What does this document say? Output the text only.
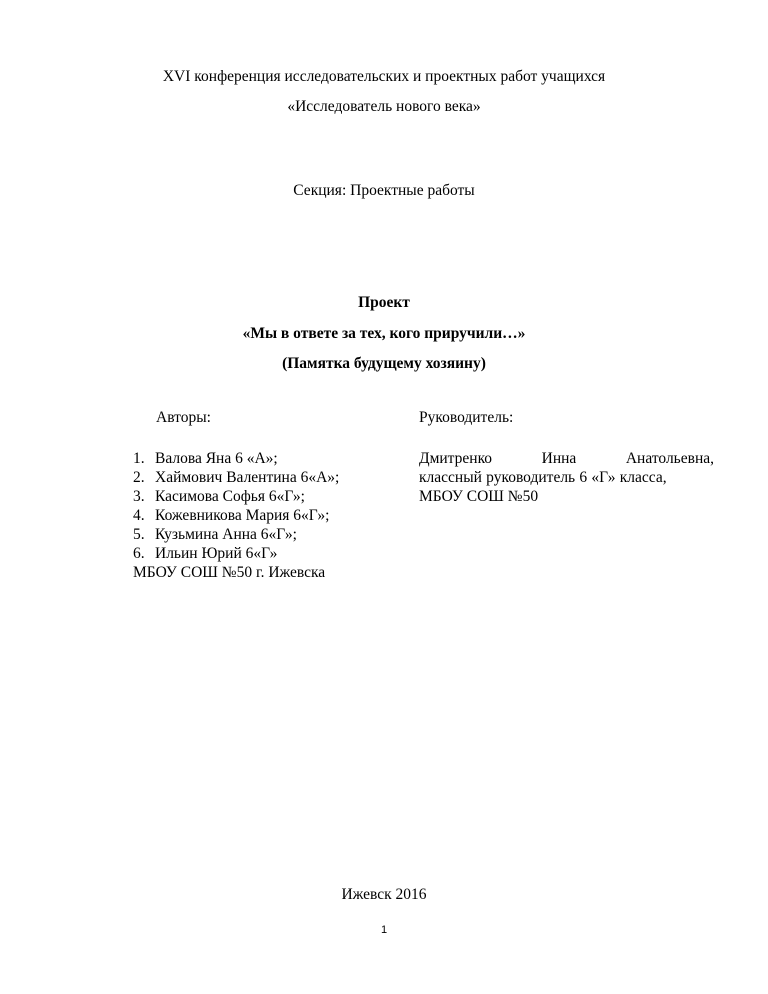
XVI конференция исследовательских и проектных работ учащихся
«Исследователь нового века»
Секция: Проектные работы
Проект
«Мы в ответе за тех, кого приручили…»
(Памятка будущему хозяину)
Авторы:
1. Валова Яна 6 «А»;
2. Хаймович Валентина 6«А»;
3. Касимова Софья 6«Г»;
4. Кожевникова Мария 6«Г»;
5. Кузьмина Анна 6«Г»;
6. Ильин Юрий 6«Г»
МБОУ СОШ №50 г. Ижевска
Руководитель:
Дмитренко	Инна	Анатольевна,
классный руководитель 6 «Г» класса,
МБОУ СОШ №50
Ижевск 2016
1
